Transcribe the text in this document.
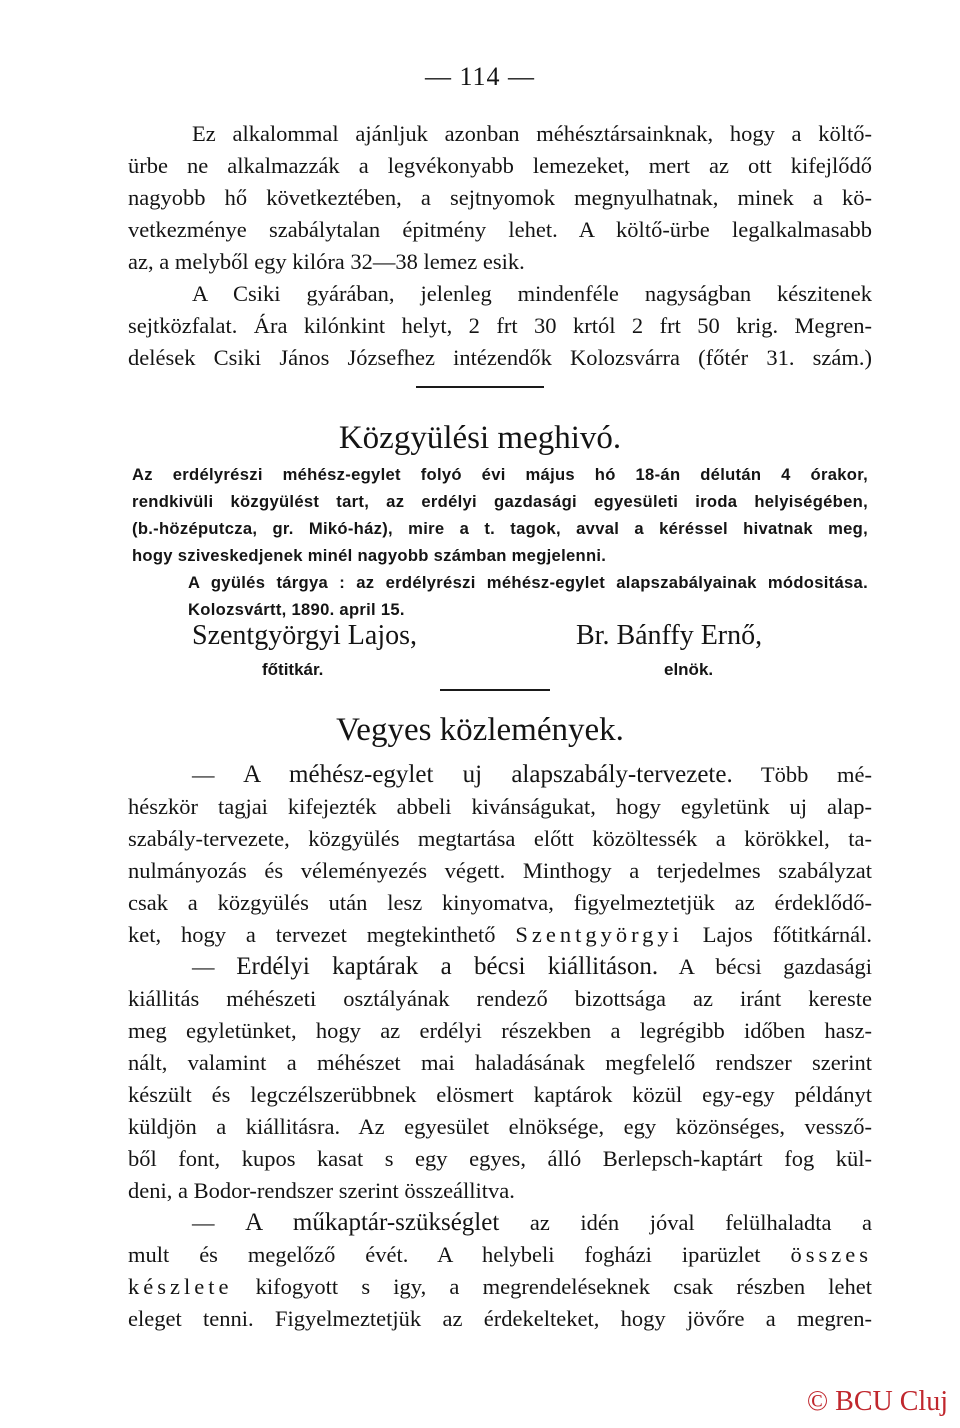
— 114 —

Ez alkalommal ajánljuk azonban méhésztársainknak, hogy a költő-

ürbe ne alkalmazzák a legvékonyabb lemezeket, mert az ott kifejlődő

nagyobb hő következtében, a sejtnyomok megnyulhatnak, minek a kö-

vetkezménye szabálytalan épitmény lehet. A költő-ürbe legalkalmasabb

az, a melyből egy kilóra 32—38 lemez esik.

A Csiki gyárában, jelenleg mindenféle nagyságban készitenek

sejtközfalat. Ára kilónkint helyt, 2 frt 30 krtól 2 frt 50 krig. Megren-

delések Csiki János Józsefhez intézendők Kolozsvárra (főtér 31. szám.)

Közgyülési meghivó.
Az erdélyrészi méhész-egylet folyó évi május hó 18-án délután 4 órakor,
rendkivüli közgyülést tart, az erdélyi gazdasági egyesületi iroda helyiségében,
(b.-hözéputcza, gr. Mikó-ház), mire a t. tagok, avval a kéréssel hivatnak meg,
hogy sziveskedjenek minél nagyobb számban megjelenni.
A gyülés tárgya : az erdélyrészi méhész-egylet alapszabályainak módositása.
Kolozsvártt, 1890. april 15.
Szentgyörgyi Lajos,
főtitkár.
Br. Bánffy Ernő,
elnök.
Vegyes közlemények.

— A méhész-egylet uj alapszabály-tervezete. Több mé-

hészkör tagjai kifejezték abbeli kivánságukat, hogy egyletünk uj alap-

szabály-tervezete, közgyülés megtartása előtt közöltessék a körökkel, ta-

nulmányozás és véleményezés végett. Minthogy a terjedelmes szabályzat

csak a közgyülés után lesz kinyomatva, figyelmeztetjük az érdeklődő-

ket, hogy a tervezet megtekinthető Szentgyörgyi Lajos főtitkárnál.

— Erdélyi kaptárak a bécsi kiállitáson. A bécsi gazdasági

kiállitás méhészeti osztályának rendező bizottsága az iránt kereste

meg egyletünket, hogy az erdélyi részekben a legrégibb időben hasz-

nált, valamint a méhészet mai haladásának megfelelő rendszer szerint

készült és legczélszerübbnek elösmert kaptárok közül egy-egy példányt

küldjön a kiállitásra. Az egyesület elnöksége, egy közönséges, vessző-

ből font, kupos kasat s egy egyes, álló Berlepsch-kaptárt fog kül-

deni, a Bodor-rendszer szerint összeállitva.

— A műkaptár-szükséglet az idén jóval felülhaladta a

mult és megelőző évét. A helybeli fogházi iparüzlet összes

készlete kifogyott s igy, a megrendeléseknek csak részben lehet

eleget tenni. Figyelmeztetjük az érdekelteket, hogy jövőre a megren-

© BCU Cluj
